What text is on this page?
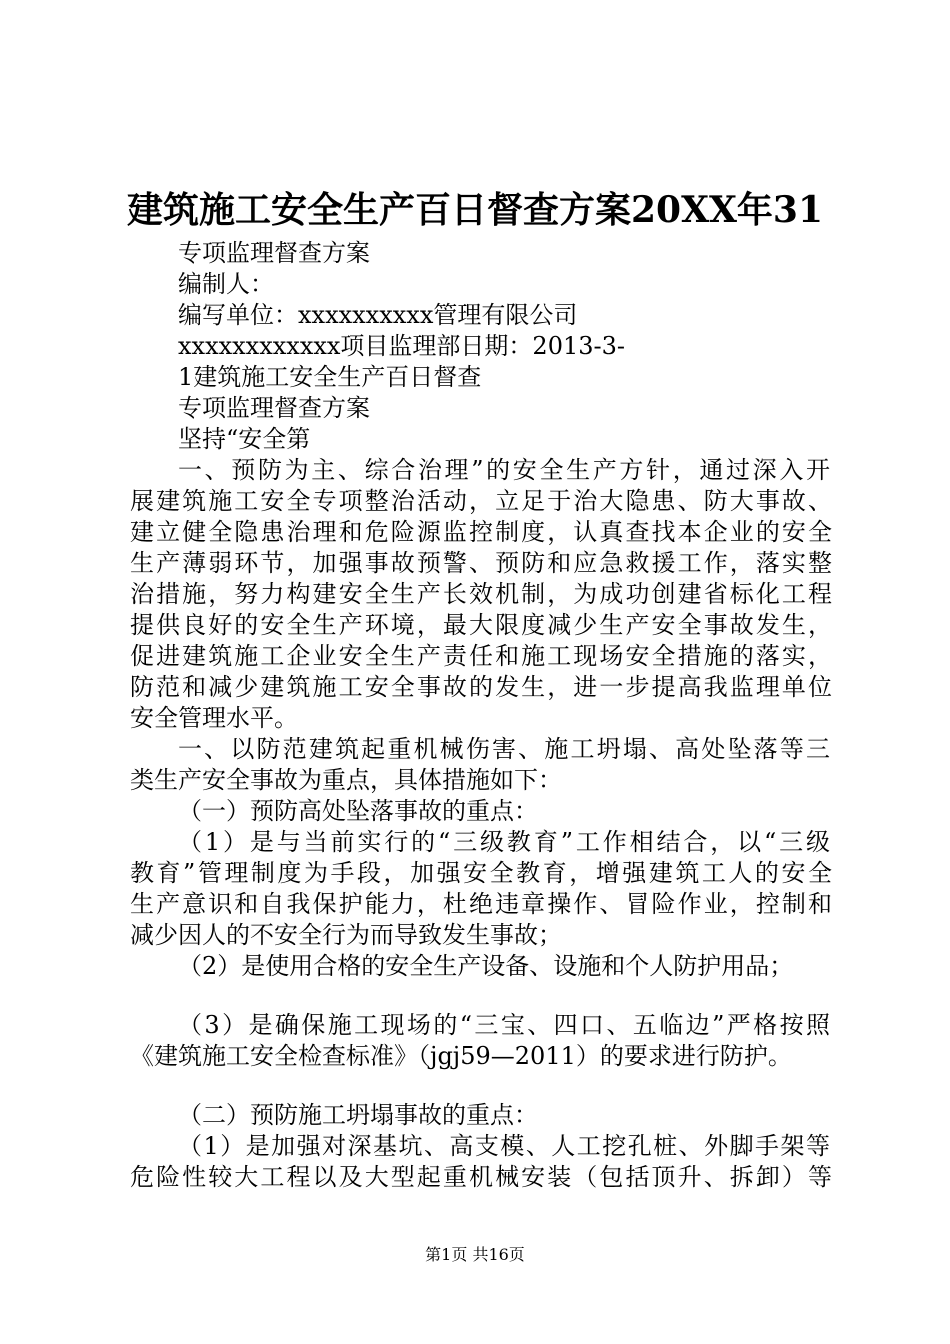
建筑施工安全生产百日督查方案20XX年31
专项监理督查方案
编制人：
编写单位：xxxxxxxxxx管理有限公司
xxxxxxxxxxxx项目监理部日期：2013-3-
1建筑施工安全生产百日督查
专项监理督查方案
坚持“安全第
一、预防为主、综合治理”的安全生产方针，通过深入开
展建筑施工安全专项整治活动，立足于治大隐患、防大事故、
建立健全隐患治理和危险源监控制度，认真查找本企业的安全
生产薄弱环节，加强事故预警、预防和应急救援工作，落实整
治措施，努力构建安全生产长效机制，为成功创建省标化工程
提供良好的安全生产环境，最大限度减少生产安全事故发生，
促进建筑施工企业安全生产责任和施工现场安全措施的落实，
防范和减少建筑施工安全事故的发生，进一步提高我监理单位
安全管理水平。
一、以防范建筑起重机械伤害、施工坍塌、高处坠落等三
类生产安全事故为重点，具体措施如下：
（一）预防高处坠落事故的重点：
（1）是与当前实行的“三级教育”工作相结合，以“三级
教育”管理制度为手段，加强安全教育，增强建筑工人的安全
生产意识和自我保护能力，杜绝违章操作、冒险作业，控制和
减少因人的不安全行为而导致发生事故；
（2）是使用合格的安全生产设备、设施和个人防护用品；
（3）是确保施工现场的“三宝、四口、五临边”严格按照
《建筑施工安全检查标准》（jgj59—2011）的要求进行防护。
（二）预防施工坍塌事故的重点：
（1）是加强对深基坑、高支模、人工挖孔桩、外脚手架等
危险性较大工程以及大型起重机械安装（包括顶升、拆卸）等
第1页 共16页
